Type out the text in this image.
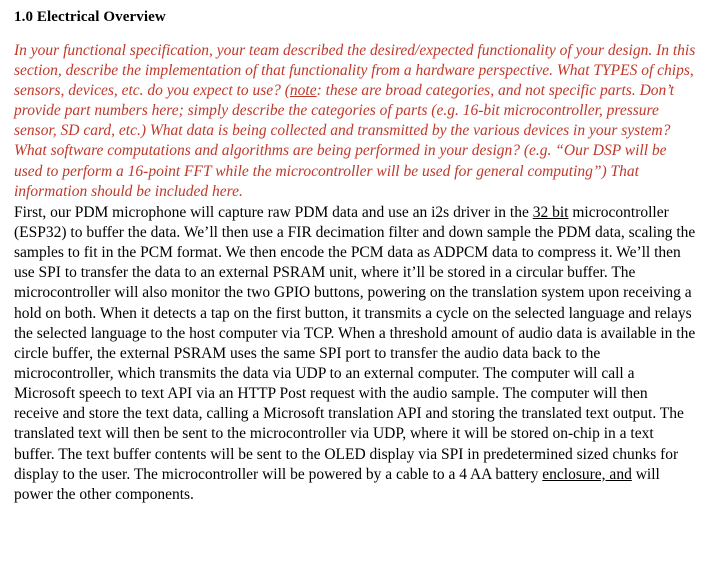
1.0 Electrical Overview

In your functional specification, your team described the desired/expected functionality of your design. In this section, describe the implementation of that functionality from a hardware perspective. What TYPES of chips, sensors, devices, etc. do you expect to use? (note: these are broad categories, and not specific parts. Don’t provide part numbers here; simply describe the categories of parts (e.g. 16-bit microcontroller, pressure sensor, SD card, etc.) What data is being collected and transmitted by the various devices in your system? What software computations and algorithms are being performed in your design? (e.g. “Our DSP will be used to perform a 16-point FFT while the microcontroller will be used for general computing”) That information should be included here.

First, our PDM microphone will capture raw PDM data and use an i2s driver in the 32 bit microcontroller (ESP32) to buffer the data. We’ll then use a FIR decimation filter and down sample the PDM data, scaling the samples to fit in the PCM format. We then encode the PCM data as ADPCM data to compress it. We’ll then use SPI to transfer the data to an external PSRAM unit, where it’ll be stored in a circular buffer. The microcontroller will also monitor the two GPIO buttons, powering on the translation system upon receiving a hold on both. When it detects a tap on the first button, it transmits a cycle on the selected language and relays the selected language to the host computer via TCP. When a threshold amount of audio data is available in the circle buffer, the external PSRAM uses the same SPI port to transfer the audio data back to the microcontroller, which transmits the data via UDP to an external computer. The computer will call a Microsoft speech to text API via an HTTP Post request with the audio sample. The computer will then receive and store the text data, calling a Microsoft translation API and storing the translated text output. The translated text will then be sent to the microcontroller via UDP, where it will be stored on-chip in a text buffer. The text buffer contents will be sent to the OLED display via SPI in predetermined sized chunks for display to the user. The microcontroller will be powered by a cable to a 4 AA battery enclosure, and will power the other components.
